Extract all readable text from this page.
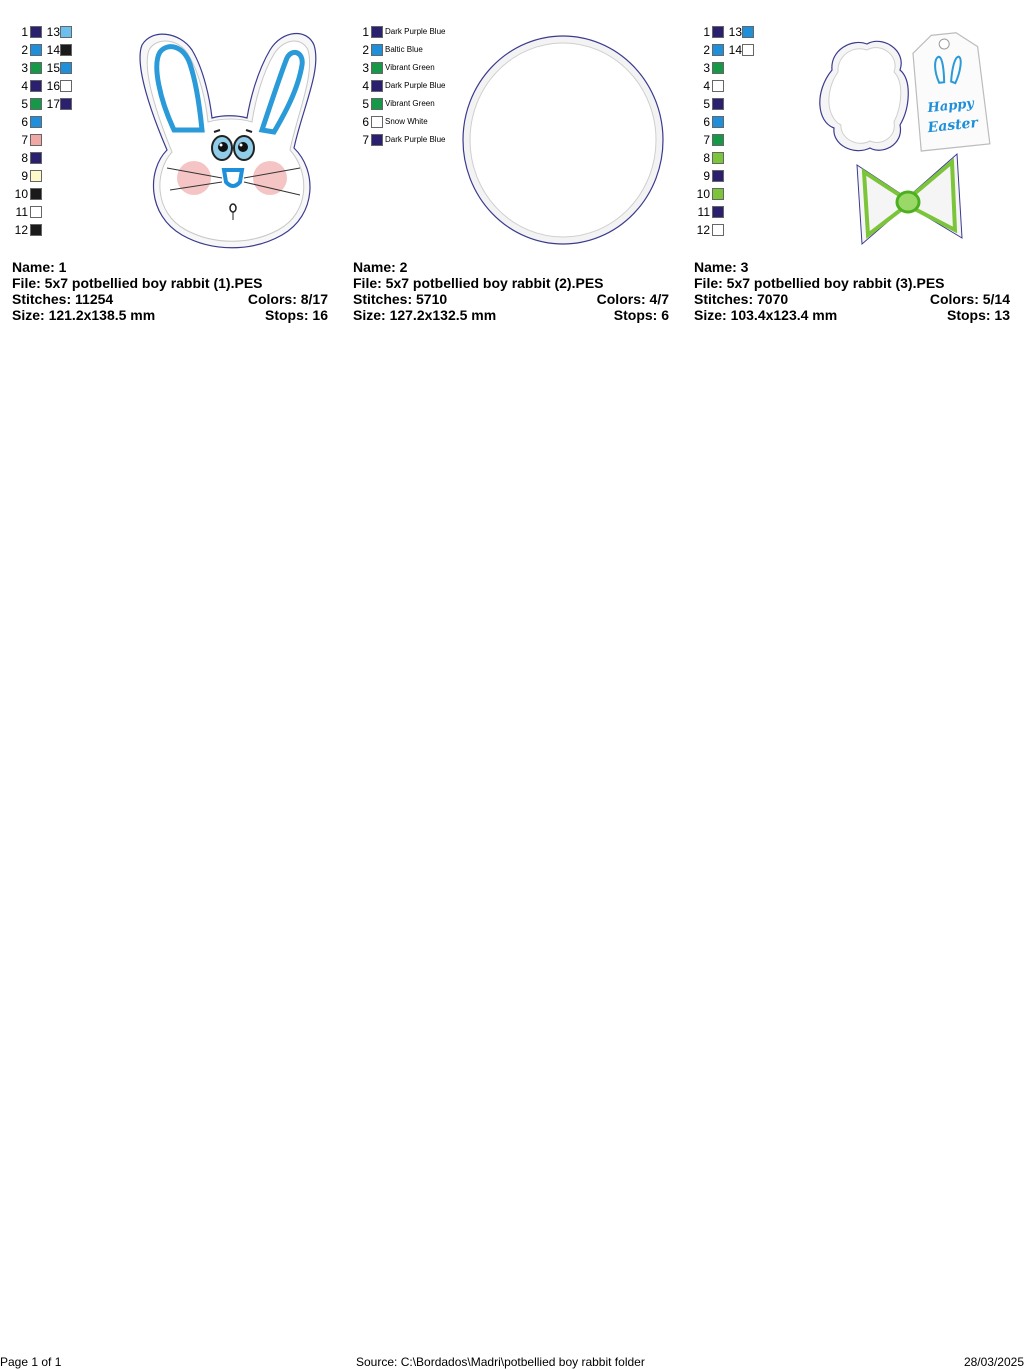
1
2
3
4
5
6
7
8
9
10
11
12
13
14
15
16
17
Name: 1
File: 5x7 potbellied boy rabbit (1).PES
Stitches: 11254	Colors: 8/17
Size: 121.2x138.5 mm	Stops: 16
1 Dark Purple Blue
2 Baltic Blue
3 Vibrant Green
4 Dark Purple Blue
5 Vibrant Green
6 Snow White
7 Dark Purple Blue
Name: 2
File: 5x7 potbellied boy rabbit (2).PES
Stitches: 5710	Colors: 4/7
Size: 127.2x132.5 mm	Stops: 6
1
2
3
4
5
6
7
8
9
10
11
12
13
14
Happy
Easter
Name: 3
File: 5x7 potbellied boy rabbit (3).PES
Stitches: 7070	Colors: 5/14
Size: 103.4x123.4 mm	Stops: 13
Page 1 of 1	Source: C:\Bordados\Madri\potbellied boy rabbit folder	28/03/2025
